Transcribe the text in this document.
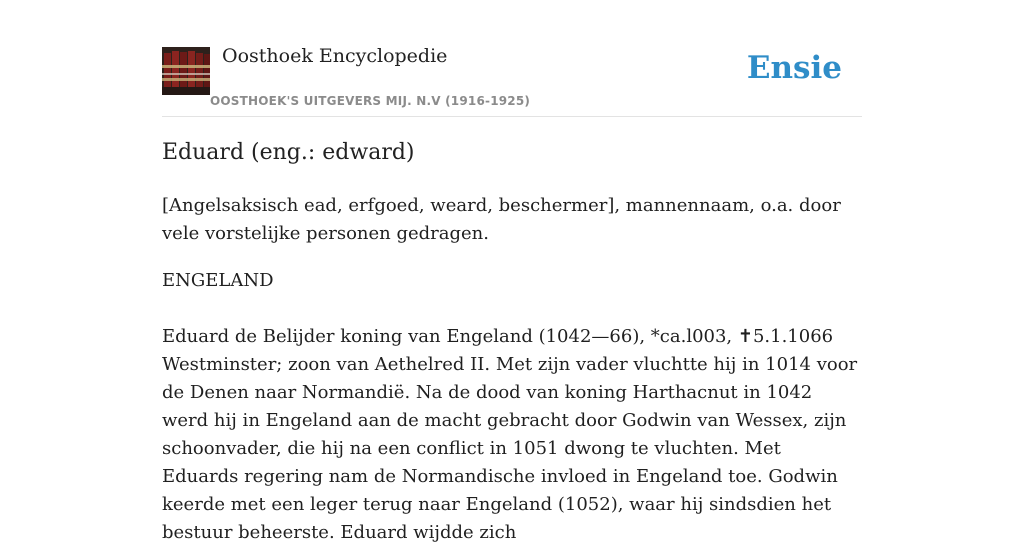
Oosthoek Encyclopedie
OOSTHOEK'S UITGEVERS MIJ. N.V (1916-1925)
Ensie
Eduard (eng.: edward)

[Angelsaksisch ead, erfgoed, weard, beschermer], mannennaam, o.a. door vele vorstelijke personen gedragen.

ENGELAND

Eduard de Belijder koning van Engeland (1042—66), *ca.l003, ✝5.1.1066 Westminster; zoon van Aethelred II. Met zijn vader vluchtte hij in 1014 voor de Denen naar Normandië. Na de dood van koning Harthacnut in 1042 werd hij in Engeland aan de macht gebracht door Godwin van Wessex, zijn schoonvader, die hij na een conflict in 1051 dwong te vluchten. Met Eduards regering nam de Normandische invloed in Engeland toe. Godwin keerde met een leger terug naar Engeland (1052), waar hij sindsdien het bestuur beheerste. Eduard wijdde zich
